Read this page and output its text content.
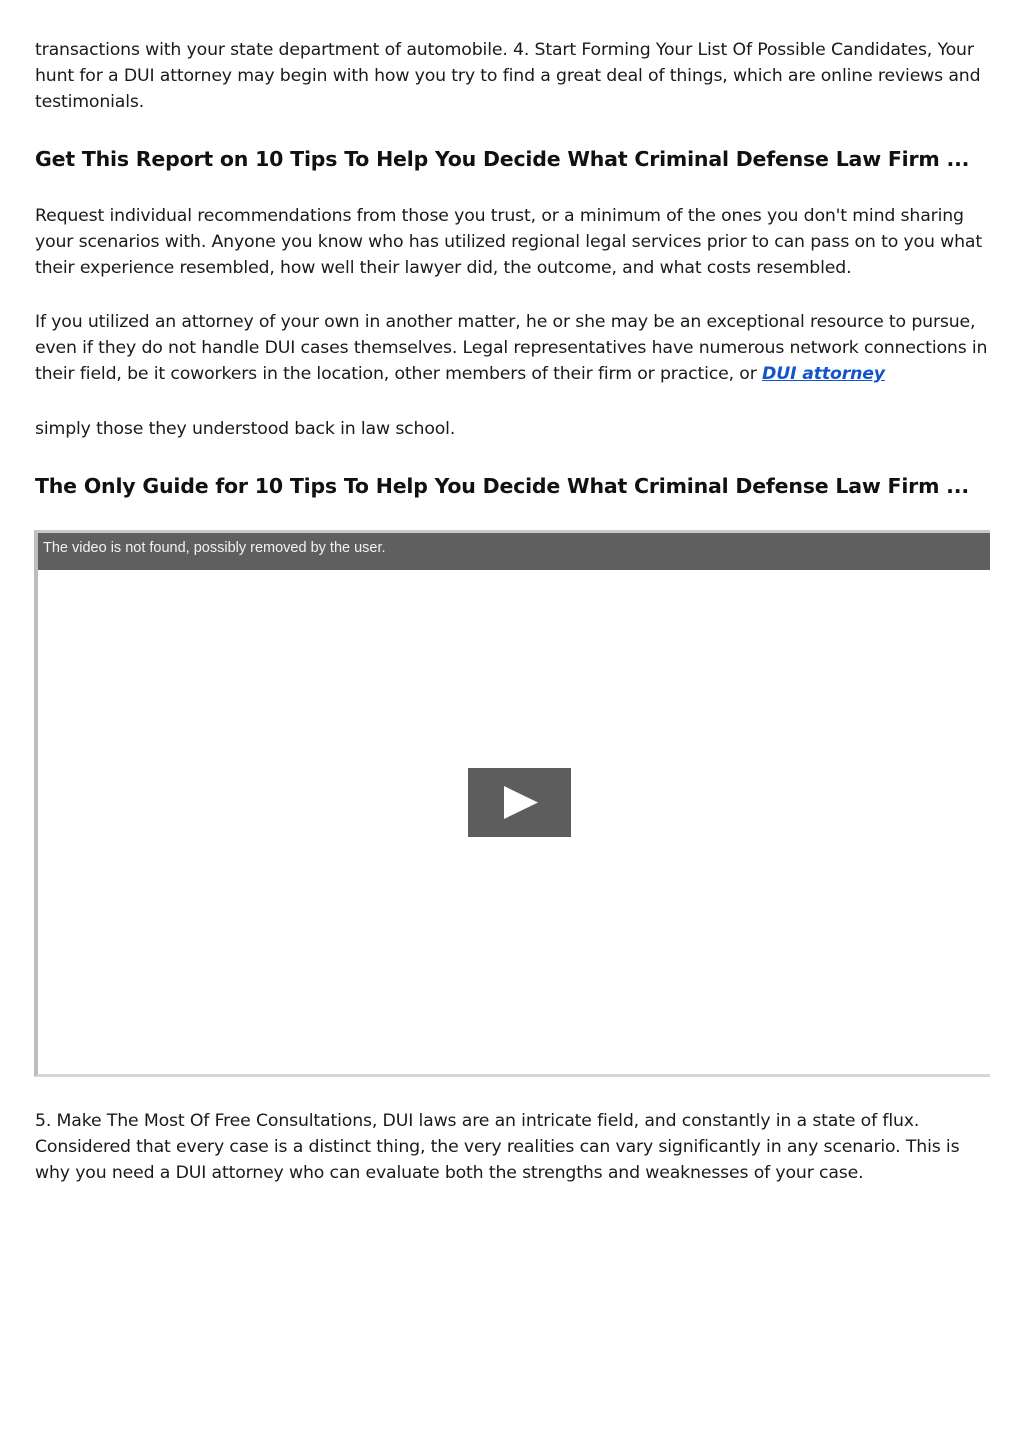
transactions with your state department of automobile. 4. Start Forming Your List Of Possible Candidates, Your hunt for a DUI attorney may begin with how you try to find a great deal of things, which are online reviews and testimonials.

Get This Report on 10 Tips To Help You Decide What Criminal Defense Law Firm ...

Request individual recommendations from those you trust, or a minimum of the ones you don't mind sharing your scenarios with. Anyone you know who has utilized regional legal services prior to can pass on to you what their experience resembled, how well their lawyer did, the outcome, and what costs resembled.

If you utilized an attorney of your own in another matter, he or she may be an exceptional resource to pursue, even if they do not handle DUI cases themselves. Legal representatives have numerous network connections in their field, be it coworkers in the location, other members of their firm or practice, or DUI attorney

simply those they understood back in law school.

The Only Guide for 10 Tips To Help You Decide What Criminal Defense Law Firm ...

5. Make The Most Of Free Consultations, DUI laws are an intricate field, and constantly in a state of flux. Considered that every case is a distinct thing, the very realities can vary significantly in any scenario. This is why you need a DUI attorney who can evaluate both the strengths and weaknesses of your case.

The video is not found, possibly removed by the user.
